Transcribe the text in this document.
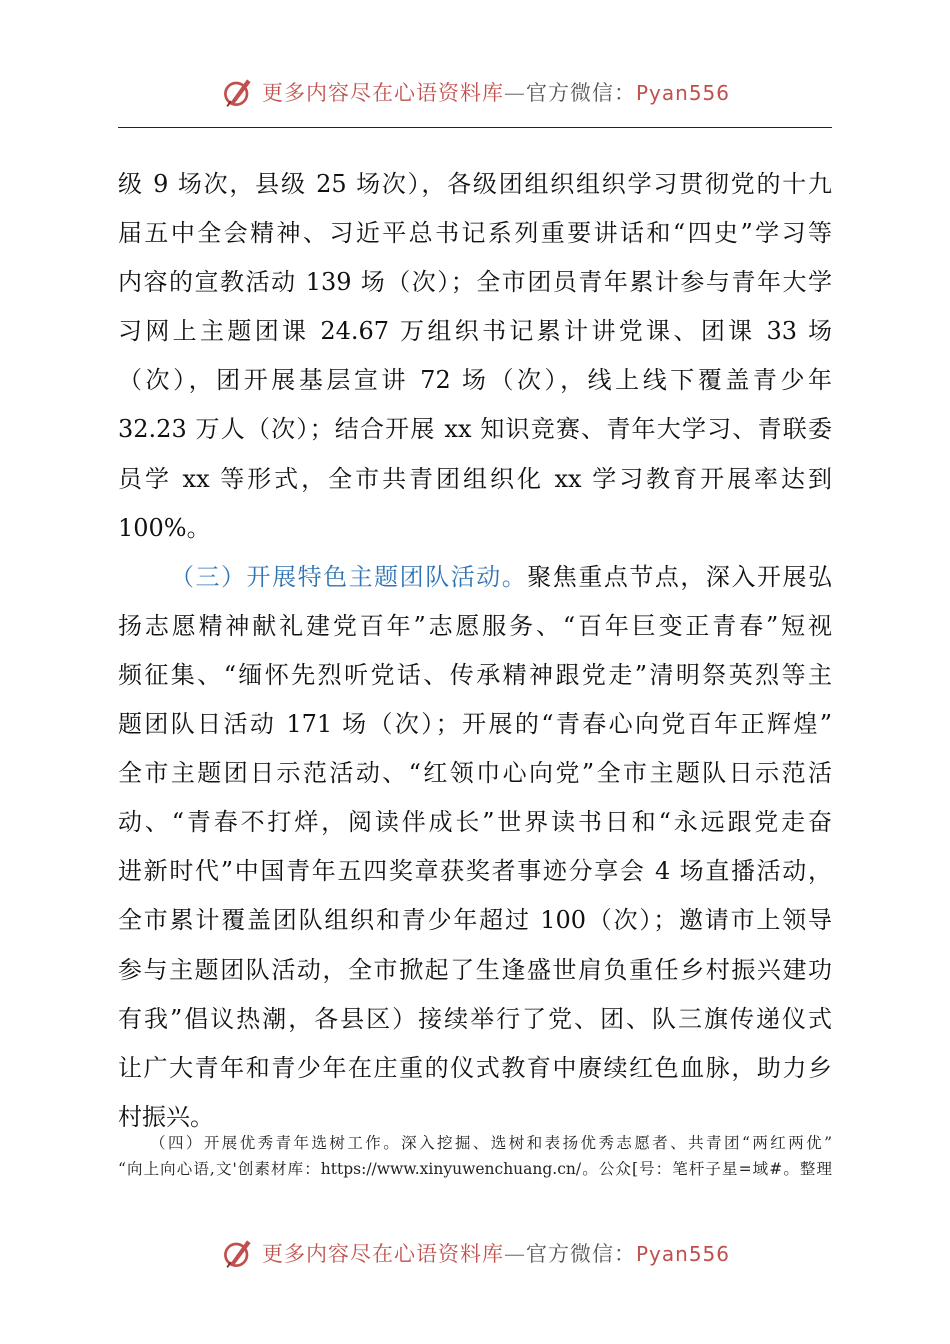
更多内容尽在心语资料库—官方微信：Pyan556
级 9 场次，县级 25 场次），各级团组织组织学习贯彻党的十九
届五中全会精神、习近平总书记系列重要讲话和“四史”学习等
内容的宣教活动 139 场（次）；全市团员青年累计参与青年大学
习网上主题团课 24.67 万组织书记累计讲党课、团课 33 场
（次），团开展基层宣讲 72 场（次），线上线下覆盖青少年
32.23 万人（次）；结合开展 xx 知识竞赛、青年大学习、青联委
员学 xx 等形式，全市共青团组织化 xx 学习教育开展率达到
100%。
（三）开展特色主题团队活动。聚焦重点节点，深入开展弘
扬志愿精神献礼建党百年”志愿服务、“百年巨变正青春”短视
频征集、“缅怀先烈听党话、传承精神跟党走”清明祭英烈等主
题团队日活动 171 场（次）；开展的“青春心向党百年正辉煌”
全市主题团日示范活动、“红领巾心向党”全市主题队日示范活
动、“青春不打烊，阅读伴成长”世界读书日和“永远跟党走奋
进新时代”中国青年五四奖章获奖者事迹分享会 4 场直播活动，
全市累计覆盖团队组织和青少年超过 100（次）；邀请市上领导
参与主题团队活动，全市掀起了生逢盛世肩负重任乡村振兴建功
有我”倡议热潮，各县区）接续举行了党、团、队三旗传递仪式
让广大青年和青少年在庄重的仪式教育中赓续红色血脉，助力乡
村振兴。
（四）开展优秀青年选树工作。深入挖掘、选树和表扬优秀志愿者、共青团“两红两优”
“向上向心语,文'创素材库：https://www.xinyuwenchuang.cn/。公众[号：笔杆子星=域#。整理
更多内容尽在心语资料库—官方微信：Pyan556
